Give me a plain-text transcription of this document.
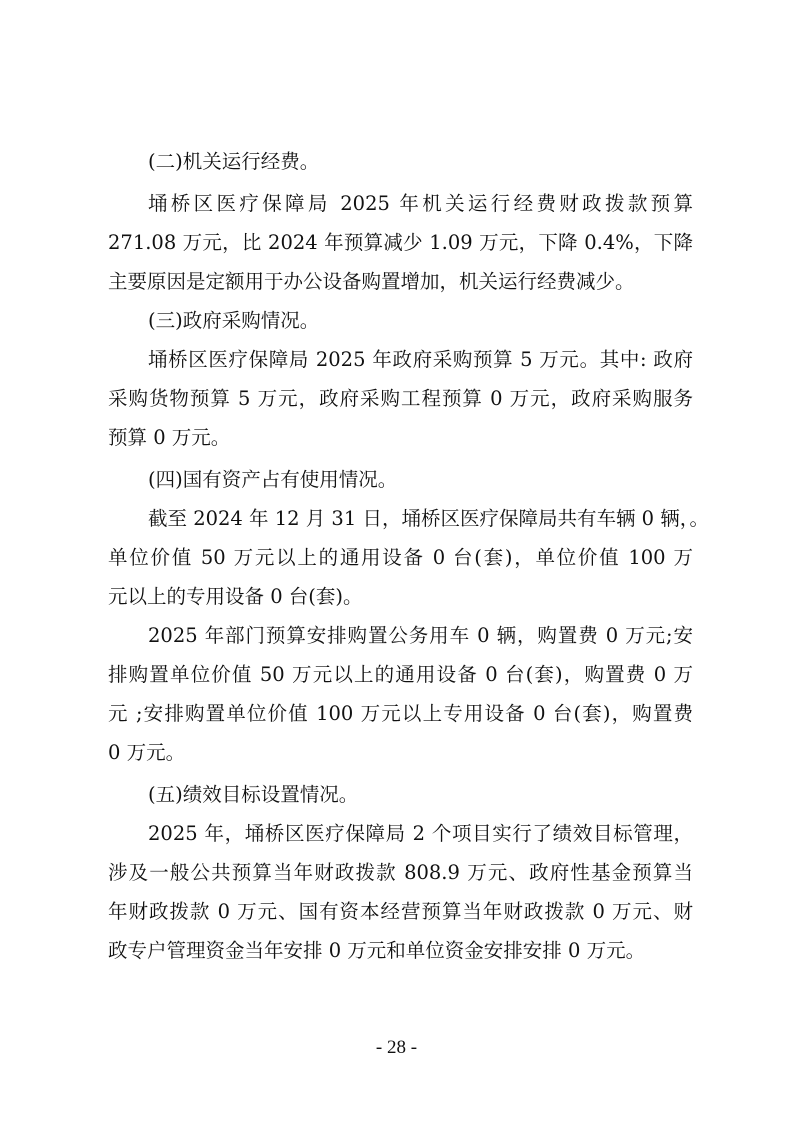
(二)机关运行经费。
埇桥区医疗保障局 2025 年机关运行经费财政拨款预算
271.08 万元，比 2024 年预算减少 1.09 万元，下降 0.4%，下降
主要原因是定额用于办公设备购置增加，机关运行经费减少。
(三)政府采购情况。
埇桥区医疗保障局 2025 年政府采购预算 5 万元。其中: 政府
采购货物预算 5 万元，政府采购工程预算 0 万元，政府采购服务
预算 0 万元。
(四)国有资产占有使用情况。
截至 2024 年 12 月 31 日，埇桥区医疗保障局共有车辆 0 辆，。
单位价值 50 万元以上的通用设备 0 台(套)，单位价值 100 万
元以上的专用设备 0 台(套)。
2025 年部门预算安排购置公务用车 0 辆，购置费 0 万元;安
排购置单位价值 50 万元以上的通用设备 0 台(套)，购置费 0 万
元 ;安排购置单位价值 100 万元以上专用设备 0 台(套)，购置费
0 万元。
(五)绩效目标设置情况。
2025 年，埇桥区医疗保障局 2 个项目实行了绩效目标管理，
涉及一般公共预算当年财政拨款 808.9 万元、政府性基金预算当
年财政拨款 0 万元、国有资本经营预算当年财政拨款 0 万元、财
政专户管理资金当年安排 0 万元和单位资金安排安排 0 万元。
- 28 -
